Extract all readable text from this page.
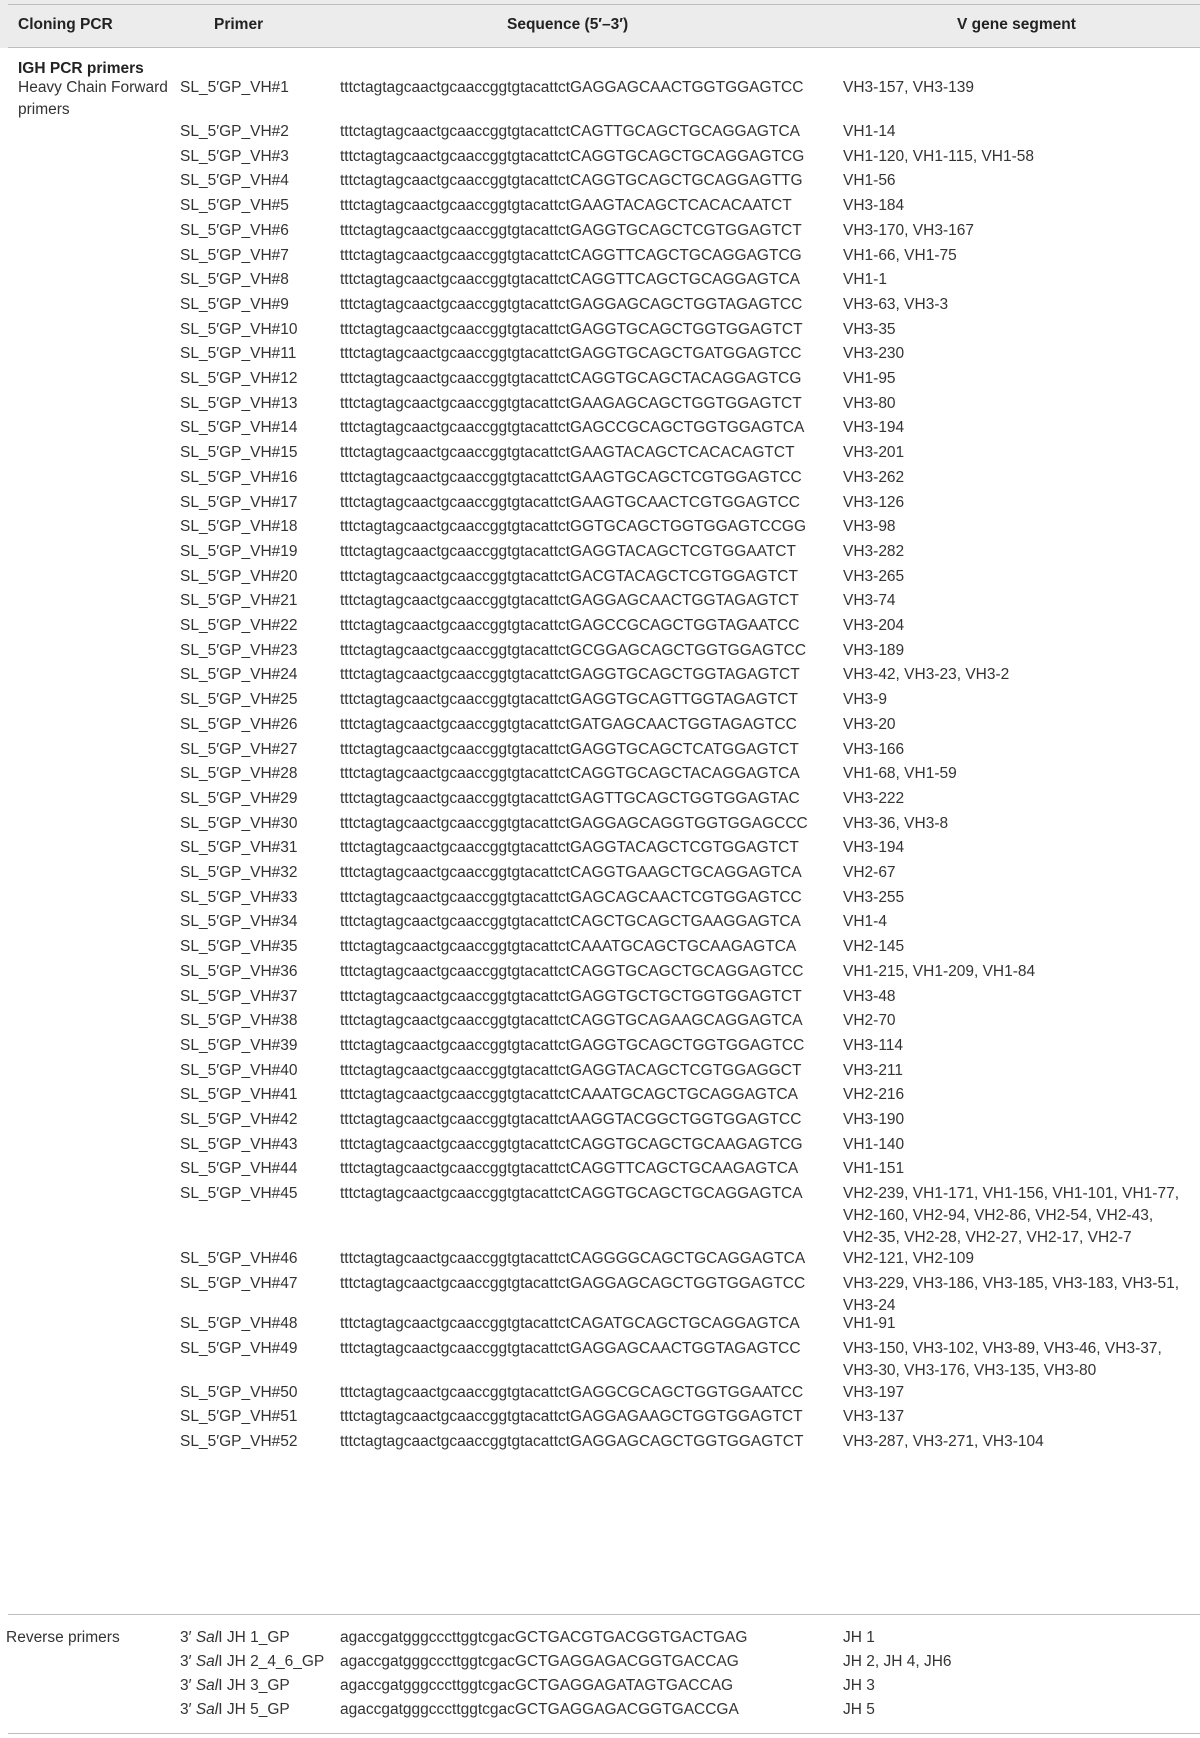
Cloning PCR	Primer	Sequence (5′–3′)	V gene segment
IGH PCR primers
Heavy Chain Forward primers
SL_5′GP_VH#1	tttctagtagcaactgcaaccggtgtacattctGAGGAGCAACTGGTGGAGTCC	VH3-157, VH3-139
SL_5′GP_VH#2	tttctagtagcaactgcaaccggtgtacattctCAGTTGCAGCTGCAGGAGTCA	VH1-14
SL_5′GP_VH#3	tttctagtagcaactgcaaccggtgtacattctCAGGTGCAGCTGCAGGAGTCG VH1-120, VH1-115, VH1-58
SL_5′GP_VH#4	tttctagtagcaactgcaaccggtgtacattctCAGGTGCAGCTGCAGGAGTTG	VH1-56
SL_5′GP_VH#5	tttctagtagcaactgcaaccggtgtacattctGAAGTACAGCTCACACAATCT	VH3-184
SL_5′GP_VH#6	tttctagtagcaactgcaaccggtgtacattctGAGGTGCAGCTCGTGGAGTCT	VH3-170, VH3-167
SL_5′GP_VH#7	tttctagtagcaactgcaaccggtgtacattctCAGGTTCAGCTGCAGGAGTCG	VH1-66, VH1-75
SL_5′GP_VH#8	tttctagtagcaactgcaaccggtgtacattctCAGGTTCAGCTGCAGGAGTCA	VH1-1
SL_5′GP_VH#9	tttctagtagcaactgcaaccggtgtacattctGAGGAGCAGCTGGTAGAGTCC	VH3-63, VH3-3
SL_5′GP_VH#10	tttctagtagcaactgcaaccggtgtacattctGAGGTGCAGCTGGTGGAGTCT	VH3-35
SL_5′GP_VH#11	tttctagtagcaactgcaaccggtgtacattctGAGGTGCAGCTGATGGAGTCC	VH3-230
SL_5′GP_VH#12	tttctagtagcaactgcaaccggtgtacattctCAGGTGCAGCTACAGGAGTCG	VH1-95
SL_5′GP_VH#13	tttctagtagcaactgcaaccggtgtacattctGAAGAGCAGCTGGTGGAGTCT	VH3-80
SL_5′GP_VH#14	tttctagtagcaactgcaaccggtgtacattctGAGCCGCAGCTGGTGGAGTCA VH3-194
SL_5′GP_VH#15	tttctagtagcaactgcaaccggtgtacattctGAAGTACAGCTCACACAGTCT	VH3-201
SL_5′GP_VH#16	tttctagtagcaactgcaaccggtgtacattctGAAGTGCAGCTCGTGGAGTCC	VH3-262
SL_5′GP_VH#17	tttctagtagcaactgcaaccggtgtacattctGAAGTGCAACTCGTGGAGTCC	VH3-126
SL_5′GP_VH#18	tttctagtagcaactgcaaccggtgtacattctGGTGCAGCTGGTGGAGTCCGG VH3-98
SL_5′GP_VH#19	tttctagtagcaactgcaaccggtgtacattctGAGGTACAGCTCGTGGAATCT	VH3-282
SL_5′GP_VH#20	tttctagtagcaactgcaaccggtgtacattctGACGTACAGCTCGTGGAGTCT	VH3-265
SL_5′GP_VH#21	tttctagtagcaactgcaaccggtgtacattctGAGGAGCAACTGGTAGAGTCT	VH3-74
SL_5′GP_VH#22	tttctagtagcaactgcaaccggtgtacattctGAGCCGCAGCTGGTAGAATCC	VH3-204
SL_5′GP_VH#23	tttctagtagcaactgcaaccggtgtacattctGCGGAGCAGCTGGTGGAGTCC VH3-189
SL_5′GP_VH#24	tttctagtagcaactgcaaccggtgtacattctGAGGTGCAGCTGGTAGAGTCT	VH3-42, VH3-23, VH3-2
SL_5′GP_VH#25	tttctagtagcaactgcaaccggtgtacattctGAGGTGCAGTTGGTAGAGTCT	VH3-9
SL_5′GP_VH#26	tttctagtagcaactgcaaccggtgtacattctGATGAGCAACTGGTAGAGTCC	VH3-20
SL_5′GP_VH#27	tttctagtagcaactgcaaccggtgtacattctGAGGTGCAGCTCATGGAGTCT	VH3-166
SL_5′GP_VH#28	tttctagtagcaactgcaaccggtgtacattctCAGGTGCAGCTACAGGAGTCA	VH1-68, VH1-59
SL_5′GP_VH#29	tttctagtagcaactgcaaccggtgtacattctGAGTTGCAGCTGGTGGAGTAC	VH3-222
SL_5′GP_VH#30	tttctagtagcaactgcaaccggtgtacattctGAGGAGCAGGTGGTGGAGCCC VH3-36, VH3-8
SL_5′GP_VH#31	tttctagtagcaactgcaaccggtgtacattctGAGGTACAGCTCGTGGAGTCT	VH3-194
SL_5′GP_VH#32	tttctagtagcaactgcaaccggtgtacattctCAGGTGAAGCTGCAGGAGTCA	VH2-67
SL_5′GP_VH#33	tttctagtagcaactgcaaccggtgtacattctGAGCAGCAACTCGTGGAGTCC	VH3-255
SL_5′GP_VH#34	tttctagtagcaactgcaaccggtgtacattctCAGCTGCAGCTGAAGGAGTCA	VH1-4
SL_5′GP_VH#35	tttctagtagcaactgcaaccggtgtacattctCAAATGCAGCTGCAAGAGTCA	VH2-145
SL_5′GP_VH#36	tttctagtagcaactgcaaccggtgtacattctCAGGTGCAGCTGCAGGAGTCC	VH1-215, VH1-209, VH1-84
SL_5′GP_VH#37	tttctagtagcaactgcaaccggtgtacattctGAGGTGCTGCTGGTGGAGTCT	VH3-48
SL_5′GP_VH#38	tttctagtagcaactgcaaccggtgtacattctCAGGTGCAGAAGCAGGAGTCA	VH2-70
SL_5′GP_VH#39	tttctagtagcaactgcaaccggtgtacattctGAGGTGCAGCTGGTGGAGTCC VH3-114
SL_5′GP_VH#40	tttctagtagcaactgcaaccggtgtacattctGAGGTACAGCTCGTGGAGGCT	VH3-211
SL_5′GP_VH#41	tttctagtagcaactgcaaccggtgtacattctCAAATGCAGCTGCAGGAGTCA	VH2-216
SL_5′GP_VH#42	tttctagtagcaactgcaaccggtgtacattctAAGGTACGGCTGGTGGAGTCC	VH3-190
SL_5′GP_VH#43	tttctagtagcaactgcaaccggtgtacattctCAGGTGCAGCTGCAAGAGTCG	VH1-140
SL_5′GP_VH#44	tttctagtagcaactgcaaccggtgtacattctCAGGTTCAGCTGCAAGAGTCA	VH1-151
SL_5′GP_VH#45	tttctagtagcaactgcaaccggtgtacattctCAGGTGCAGCTGCAGGAGTCA	VH2-239, VH1-171, VH1-156, VH1-101, VH1-77, VH2-160, VH2-94, VH2-86, VH2-54, VH2-43, VH2-35, VH2-28, VH2-27, VH2-17, VH2-7
SL_5′GP_VH#46	tttctagtagcaactgcaaccggtgtacattctCAGGGGCAGCTGCAGGAGTCA VH2-121, VH2-109
SL_5′GP_VH#47	tttctagtagcaactgcaaccggtgtacattctGAGGAGCAGCTGGTGGAGTCC VH3-229, VH3-186, VH3-185, VH3-183, VH3-51, VH3-24
SL_5′GP_VH#48	tttctagtagcaactgcaaccggtgtacattctCAGATGCAGCTGCAGGAGTCA	VH1-91
SL_5′GP_VH#49	tttctagtagcaactgcaaccggtgtacattctGAGGAGCAACTGGTAGAGTCC	VH3-150, VH3-102, VH3-89, VH3-46, VH3-37, VH3-30, VH3-176, VH3-135, VH3-80
SL_5′GP_VH#50	tttctagtagcaactgcaaccggtgtacattctGAGGCGCAGCTGGTGGAATCC	VH3-197
SL_5′GP_VH#51	tttctagtagcaactgcaaccggtgtacattctGAGGAGAAGCTGGTGGAGTCT	VH3-137
SL_5′GP_VH#52	tttctagtagcaactgcaaccggtgtacattctGAGGAGCAGCTGGTGGAGTCT	VH3-287, VH3-271, VH3-104
Reverse primers	3′ SalI JH 1_GP	agaccgatgggcccttggtcgacGCTGACGTGACGGTGACTGAG	JH 1
3′ SalI JH 2_4_6_GP	agaccgatgggcccttggtcgacGCTGAGGAGACGGTGACCAG	JH 2, JH 4, JH6
3′ SalI JH 3_GP	agaccgatgggcccttggtcgacGCTGAGGAGATAGTGACCAG	JH 3
3′ SalI JH 5_GP	agaccgatgggcccttggtcgacGCTGAGGAGACGGTGACCGA	JH 5
